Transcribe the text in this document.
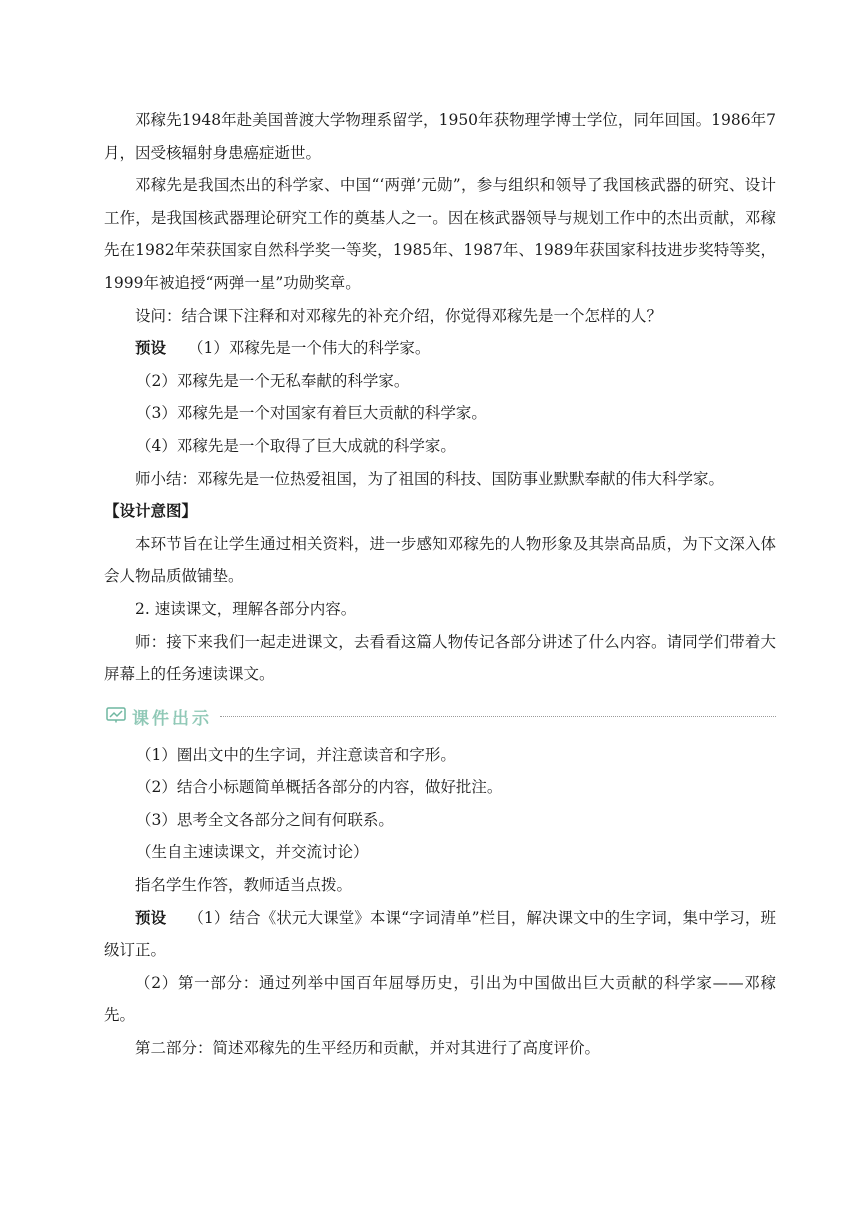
邓稼先1948年赴美国普渡大学物理系留学，1950年获物理学博士学位，同年回国。1986年7月，因受核辐射身患癌症逝世。

邓稼先是我国杰出的科学家、中国“‘两弹’元勋”，参与组织和领导了我国核武器的研究、设计工作，是我国核武器理论研究工作的奠基人之一。因在核武器领导与规划工作中的杰出贡献，邓稼先在1982年荣获国家自然科学奖一等奖，1985年、1987年、1989年获国家科技进步奖特等奖，1999年被追授“两弹一星”功勋奖章。

设问：结合课下注释和对邓稼先的补充介绍，你觉得邓稼先是一个怎样的人？

预设 （1）邓稼先是一个伟大的科学家。

（2）邓稼先是一个无私奉献的科学家。

（3）邓稼先是一个对国家有着巨大贡献的科学家。

（4）邓稼先是一个取得了巨大成就的科学家。

师小结：邓稼先是一位热爱祖国，为了祖国的科技、国防事业默默奉献的伟大科学家。

【设计意图】

本环节旨在让学生通过相关资料，进一步感知邓稼先的人物形象及其崇高品质，为下文深入体会人物品质做铺垫。

2. 速读课文，理解各部分内容。

师：接下来我们一起走进课文，去看看这篇人物传记各部分讲述了什么内容。请同学们带着大屏幕上的任务速读课文。

课件出示

（1）圈出文中的生字词，并注意读音和字形。

（2）结合小标题简单概括各部分的内容，做好批注。

（3）思考全文各部分之间有何联系。

（生自主速读课文，并交流讨论）

指名学生作答，教师适当点拨。

预设 （1）结合《状元大课堂》本课“字词清单”栏目，解决课文中的生字词，集中学习，班级订正。

（2）第一部分：通过列举中国百年屈辱历史，引出为中国做出巨大贡献的科学家——邓稼先。

第二部分：简述邓稼先的生平经历和贡献，并对其进行了高度评价。
